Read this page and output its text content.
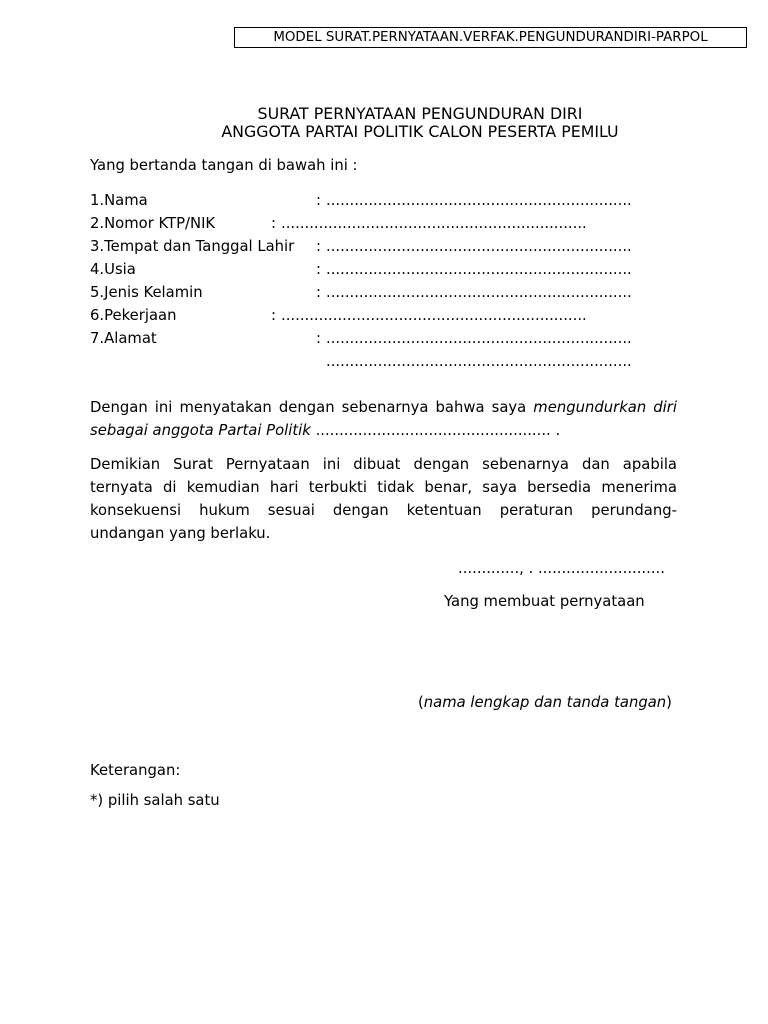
MODEL SURAT.PERNYATAAN.VERFAK.PENGUNDURANDIRI-PARPOL
SURAT PERNYATAAN PENGUNDURAN DIRI
ANGGOTA PARTAI POLITIK CALON PESERTA PEMILU
Yang bertanda tangan di bawah ini :
1.Nama	: .................................................................
2.Nomor KTP/NIK	: .................................................................
3.Tempat dan Tanggal Lahir : .................................................................
4.Usia	: .................................................................
5.Jenis Kelamin	: .................................................................
6.Pekerjaan	: .................................................................
7.Alamat	: .................................................................
.................................................................
Dengan ini menyatakan dengan sebenarnya bahwa saya mengundurkan diri sebagai anggota Partai Politik .................................................. .
Demikian Surat Pernyataan ini dibuat dengan sebenarnya dan apabila
ternyata di kemudian hari terbukti tidak benar, saya bersedia menerima
konsekuensi hukum sesuai dengan ketentuan peraturan perundang-
undangan yang berlaku.
............., . ...........................
Yang membuat pernyataan
(nama lengkap dan tanda tangan)
Keterangan:
*) pilih salah satu
